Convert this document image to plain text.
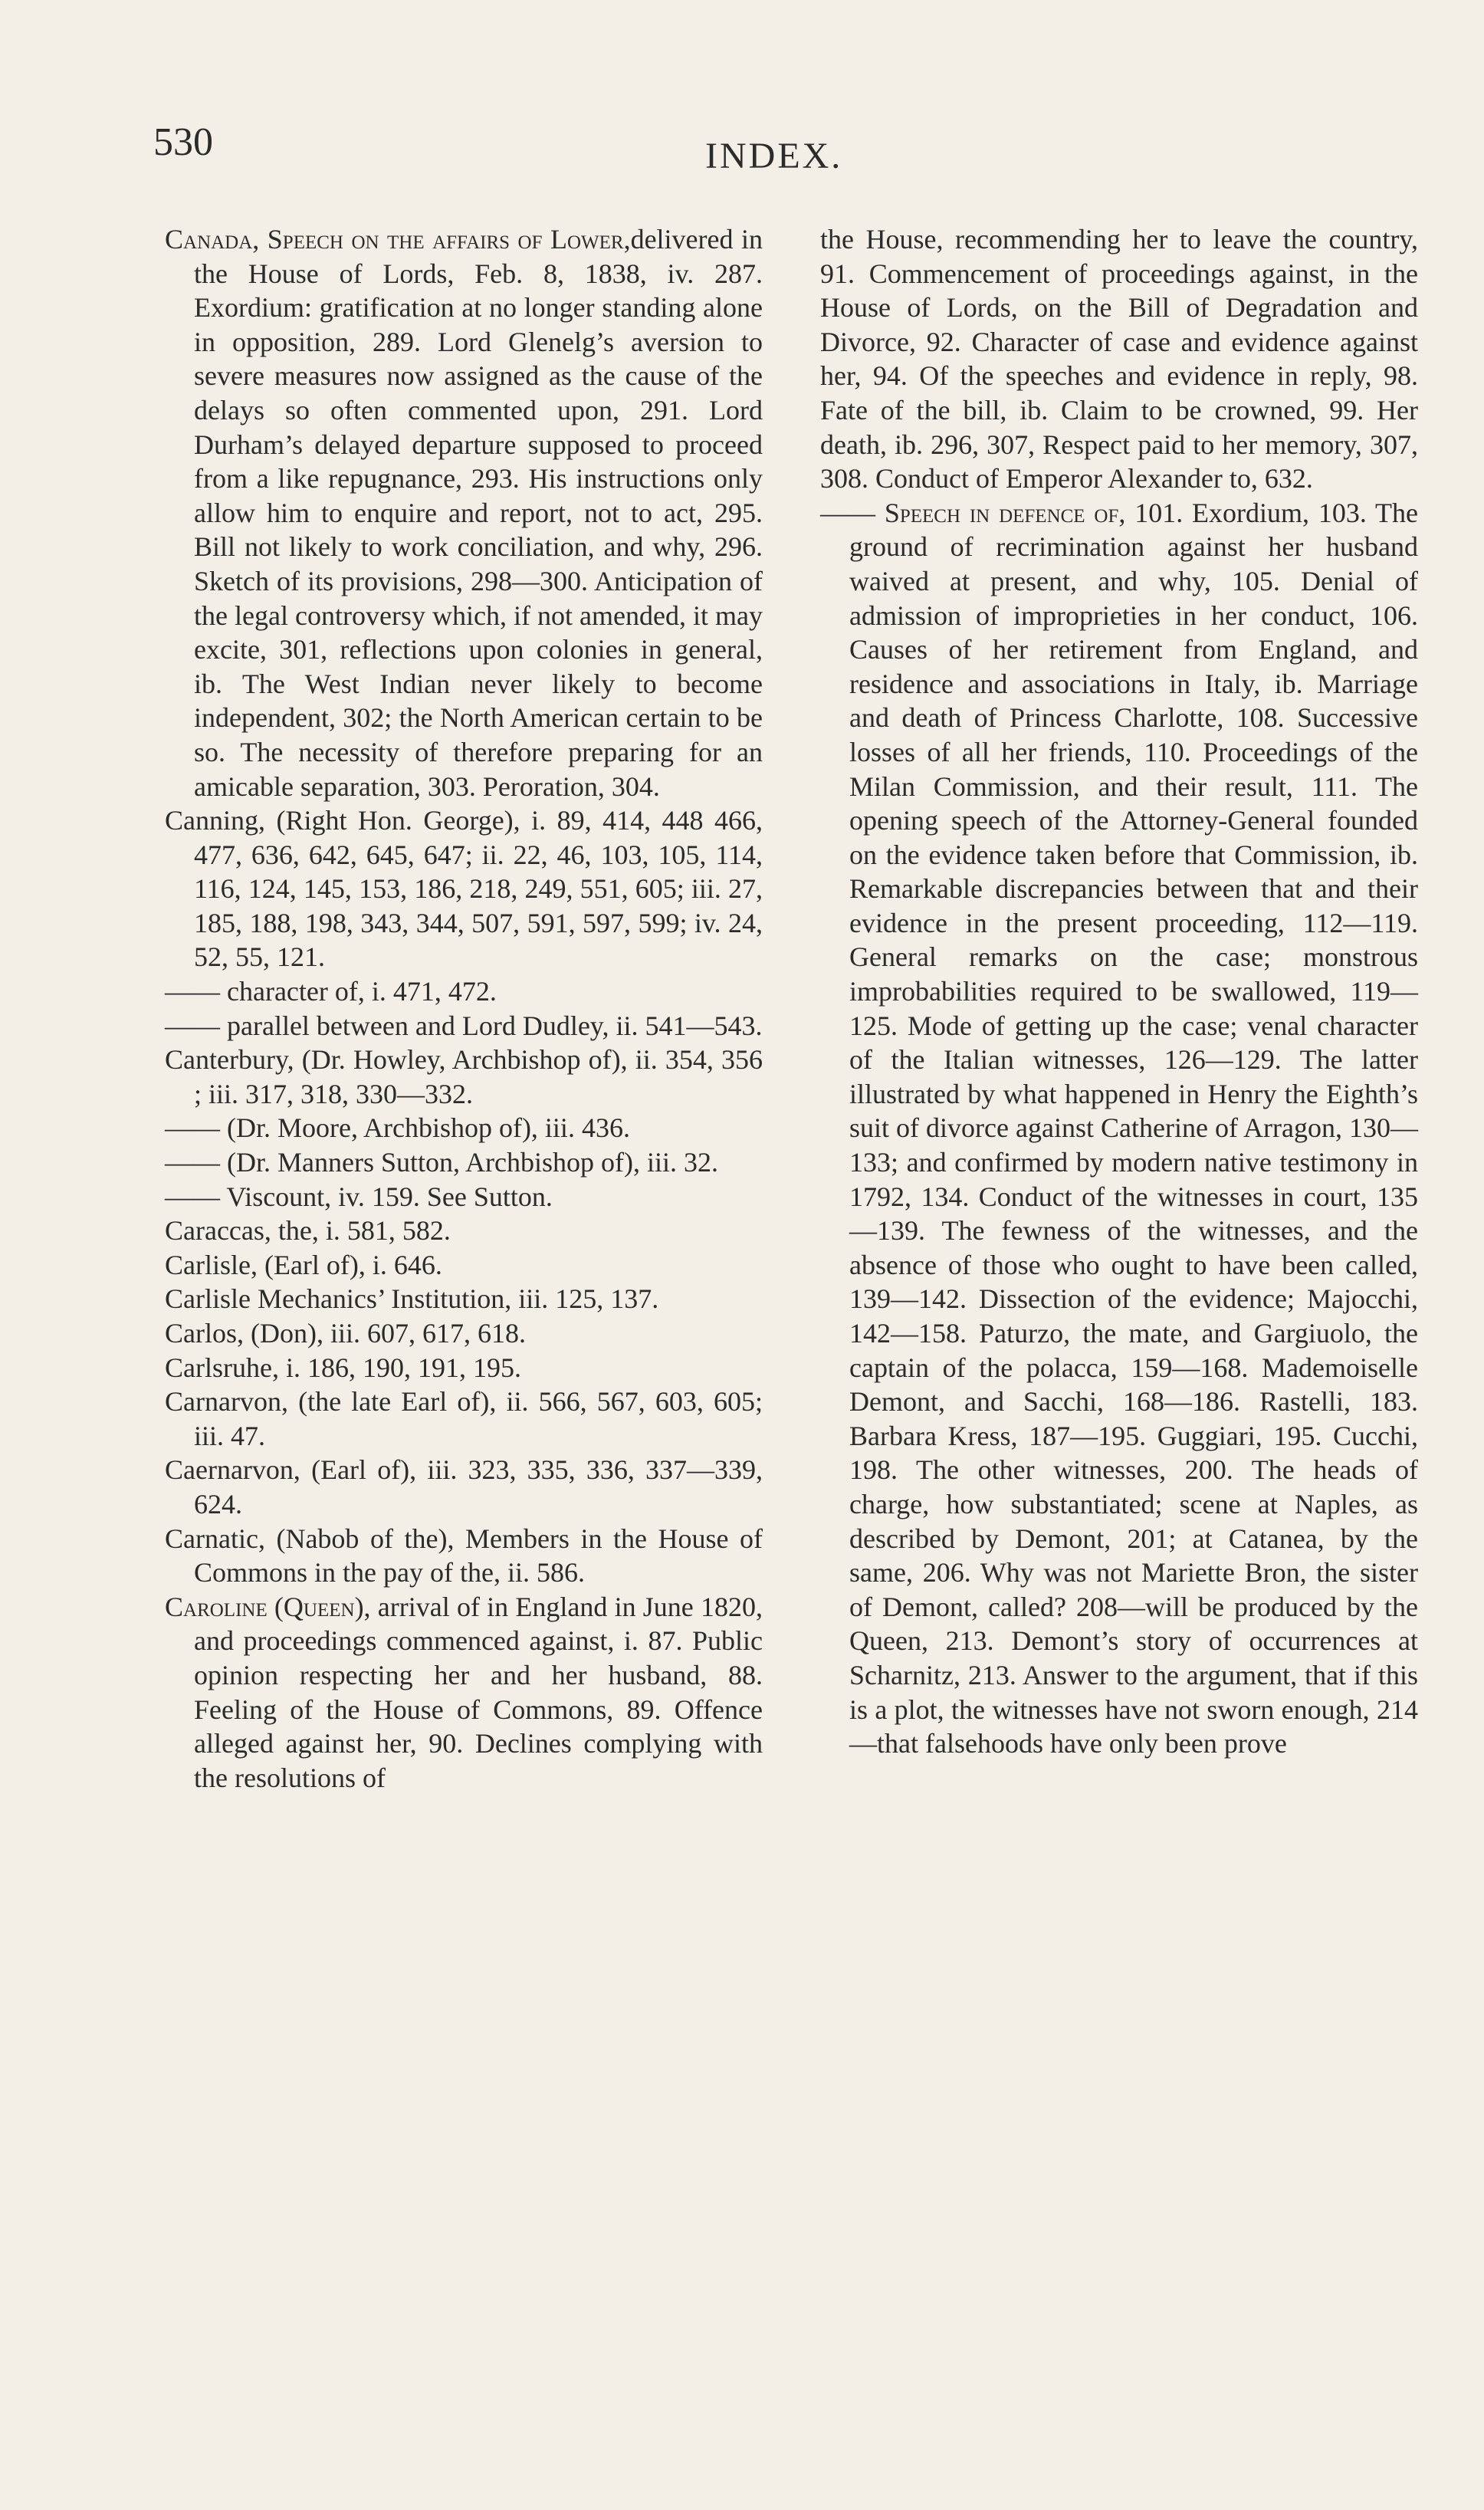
530	INDEX.

Canada, Speech on the affairs of Lower,delivered in the House of Lords, Feb. 8, 1838, iv. 287. Exordium: gratification at no longer standing alone in opposition, 289. Lord Glenelg’s aversion to severe measures now assigned as the cause of the delays so often commented upon, 291. Lord Durham’s delayed departure supposed to proceed from a like repugnance, 293. His instructions only allow him to enquire and report, not to act, 295. Bill not likely to work conciliation, and why, 296. Sketch of its provisions, 298—300. Anticipation of the legal controversy which, if not amended, it may excite, 301, reflections upon colonies in general, ib. The West Indian never likely to become independent, 302; the North American certain to be so. The necessity of therefore preparing for an amicable separation, 303. Peroration, 304.

Canning, (Right Hon. George), i. 89, 414, 448 466, 477, 636, 642, 645, 647; ii. 22, 46, 103, 105, 114, 116, 124, 145, 153, 186, 218, 249, 551, 605; iii. 27, 185, 188, 198, 343, 344, 507, 591, 597, 599; iv. 24, 52, 55, 121.

—— character of, i. 471, 472.

—— parallel between and Lord Dudley, ii. 541—543.

Canterbury, (Dr. Howley, Archbishop of), ii. 354, 356 ; iii. 317, 318, 330—332.

—— (Dr. Moore, Archbishop of), iii. 436.

—— (Dr. Manners Sutton, Archbishop of), iii. 32.

—— Viscount, iv. 159. See Sutton.

Caraccas, the, i. 581, 582.

Carlisle, (Earl of), i. 646.

Carlisle Mechanics’ Institution, iii. 125, 137.

Carlos, (Don), iii. 607, 617, 618.

Carlsruhe, i. 186, 190, 191, 195.

Carnarvon, (the late Earl of), ii. 566, 567, 603, 605; iii. 47.

Caernarvon, (Earl of), iii. 323, 335, 336, 337—339, 624.

Carnatic, (Nabob of the), Members in the House of Commons in the pay of the, ii. 586.

Caroline (Queen), arrival of in England in June 1820, and proceedings commenced against, i. 87. Public opinion respecting her and her husband, 88. Feeling of the House of Commons, 89. Offence alleged against her, 90. Declines complying with the resolutions of

the House, recommending her to leave the country, 91. Commencement of proceedings against, in the House of Lords, on the Bill of Degradation and Divorce, 92. Character of case and evidence against her, 94. Of the speeches and evidence in reply, 98. Fate of the bill, ib. Claim to be crowned, 99. Her death, ib. 296, 307, Respect paid to her memory, 307, 308. Conduct of Emperor Alexander to, 632.

—— Speech in defence of, 101. Exordium, 103. The ground of recrimination against her husband waived at present, and why, 105. Denial of admission of improprieties in her conduct, 106. Causes of her retirement from England, and residence and associations in Italy, ib. Marriage and death of Princess Charlotte, 108. Successive losses of all her friends, 110. Proceedings of the Milan Commission, and their result, 111. The opening speech of the Attorney-General founded on the evidence taken before that Commission, ib. Remarkable discrepancies between that and their evidence in the present proceeding, 112—119. General remarks on the case; monstrous improbabilities required to be swallowed, 119—125. Mode of getting up the case; venal character of the Italian witnesses, 126—129. The latter illustrated by what happened in Henry the Eighth’s suit of divorce against Catherine of Arragon, 130—133; and confirmed by modern native testimony in 1792, 134. Conduct of the witnesses in court, 135—139. The fewness of the witnesses, and the absence of those who ought to have been called, 139—142. Dissection of the evidence; Majocchi, 142—158. Paturzo, the mate, and Gargiuolo, the captain of the polacca, 159—168. Mademoiselle Demont, and Sacchi, 168—186. Rastelli, 183. Barbara Kress, 187—195. Guggiari, 195. Cucchi, 198. The other witnesses, 200. The heads of charge, how substantiated; scene at Naples, as described by Demont, 201; at Catanea, by the same, 206. Why was not Mariette Bron, the sister of Demont, called? 208—will be produced by the Queen, 213. Demont’s story of occurrences at Scharnitz, 213. Answer to the argument, that if this is a plot, the witnesses have not sworn enough, 214 —that falsehoods have only been prove
